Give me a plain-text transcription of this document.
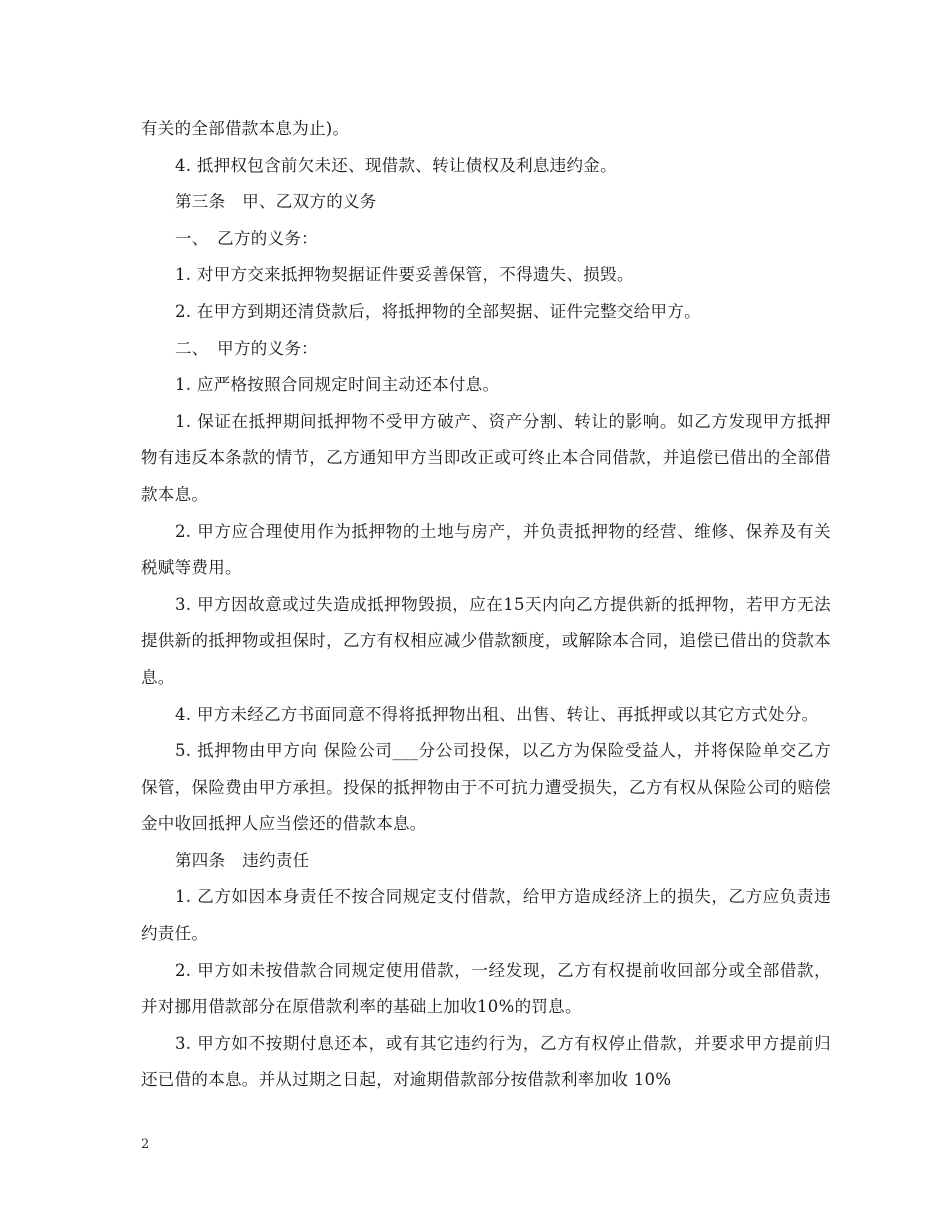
有关的全部借款本息为止)。

4. 抵押权包含前欠未还、现借款、转让债权及利息违约金。

第三条　甲、乙双方的义务

一、　乙方的义务：

1. 对甲方交来抵押物契据证件要妥善保管，不得遗失、损毁。

2. 在甲方到期还清贷款后，将抵押物的全部契据、证件完整交给甲方。

二、　甲方的义务：

1. 应严格按照合同规定时间主动还本付息。

1. 保证在抵押期间抵押物不受甲方破产、资产分割、转让的影响。如乙方发现甲方抵押物有违反本条款的情节，乙方通知甲方当即改正或可终止本合同借款，并追偿已借出的全部借款本息。

2. 甲方应合理使用作为抵押物的土地与房产，并负责抵押物的经营、维修、保养及有关税赋等费用。

3. 甲方因故意或过失造成抵押物毁损，应在15天内向乙方提供新的抵押物，若甲方无法提供新的抵押物或担保时，乙方有权相应减少借款额度，或解除本合同，追偿已借出的贷款本息。

4. 甲方未经乙方书面同意不得将抵押物出租、出售、转让、再抵押或以其它方式处分。

5. 抵押物由甲方向 保险公司___分公司投保，以乙方为保险受益人，并将保险单交乙方保管，保险费由甲方承担。投保的抵押物由于不可抗力遭受损失，乙方有权从保险公司的赔偿金中收回抵押人应当偿还的借款本息。

第四条　违约责任

1. 乙方如因本身责任不按合同规定支付借款，给甲方造成经济上的损失，乙方应负责违约责任。

2. 甲方如未按借款合同规定使用借款，一经发现，乙方有权提前收回部分或全部借款，并对挪用借款部分在原借款利率的基础上加收10%的罚息。

3. 甲方如不按期付息还本，或有其它违约行为，乙方有权停止借款，并要求甲方提前归还已借的本息。并从过期之日起，对逾期借款部分按借款利率加收 10%

2
